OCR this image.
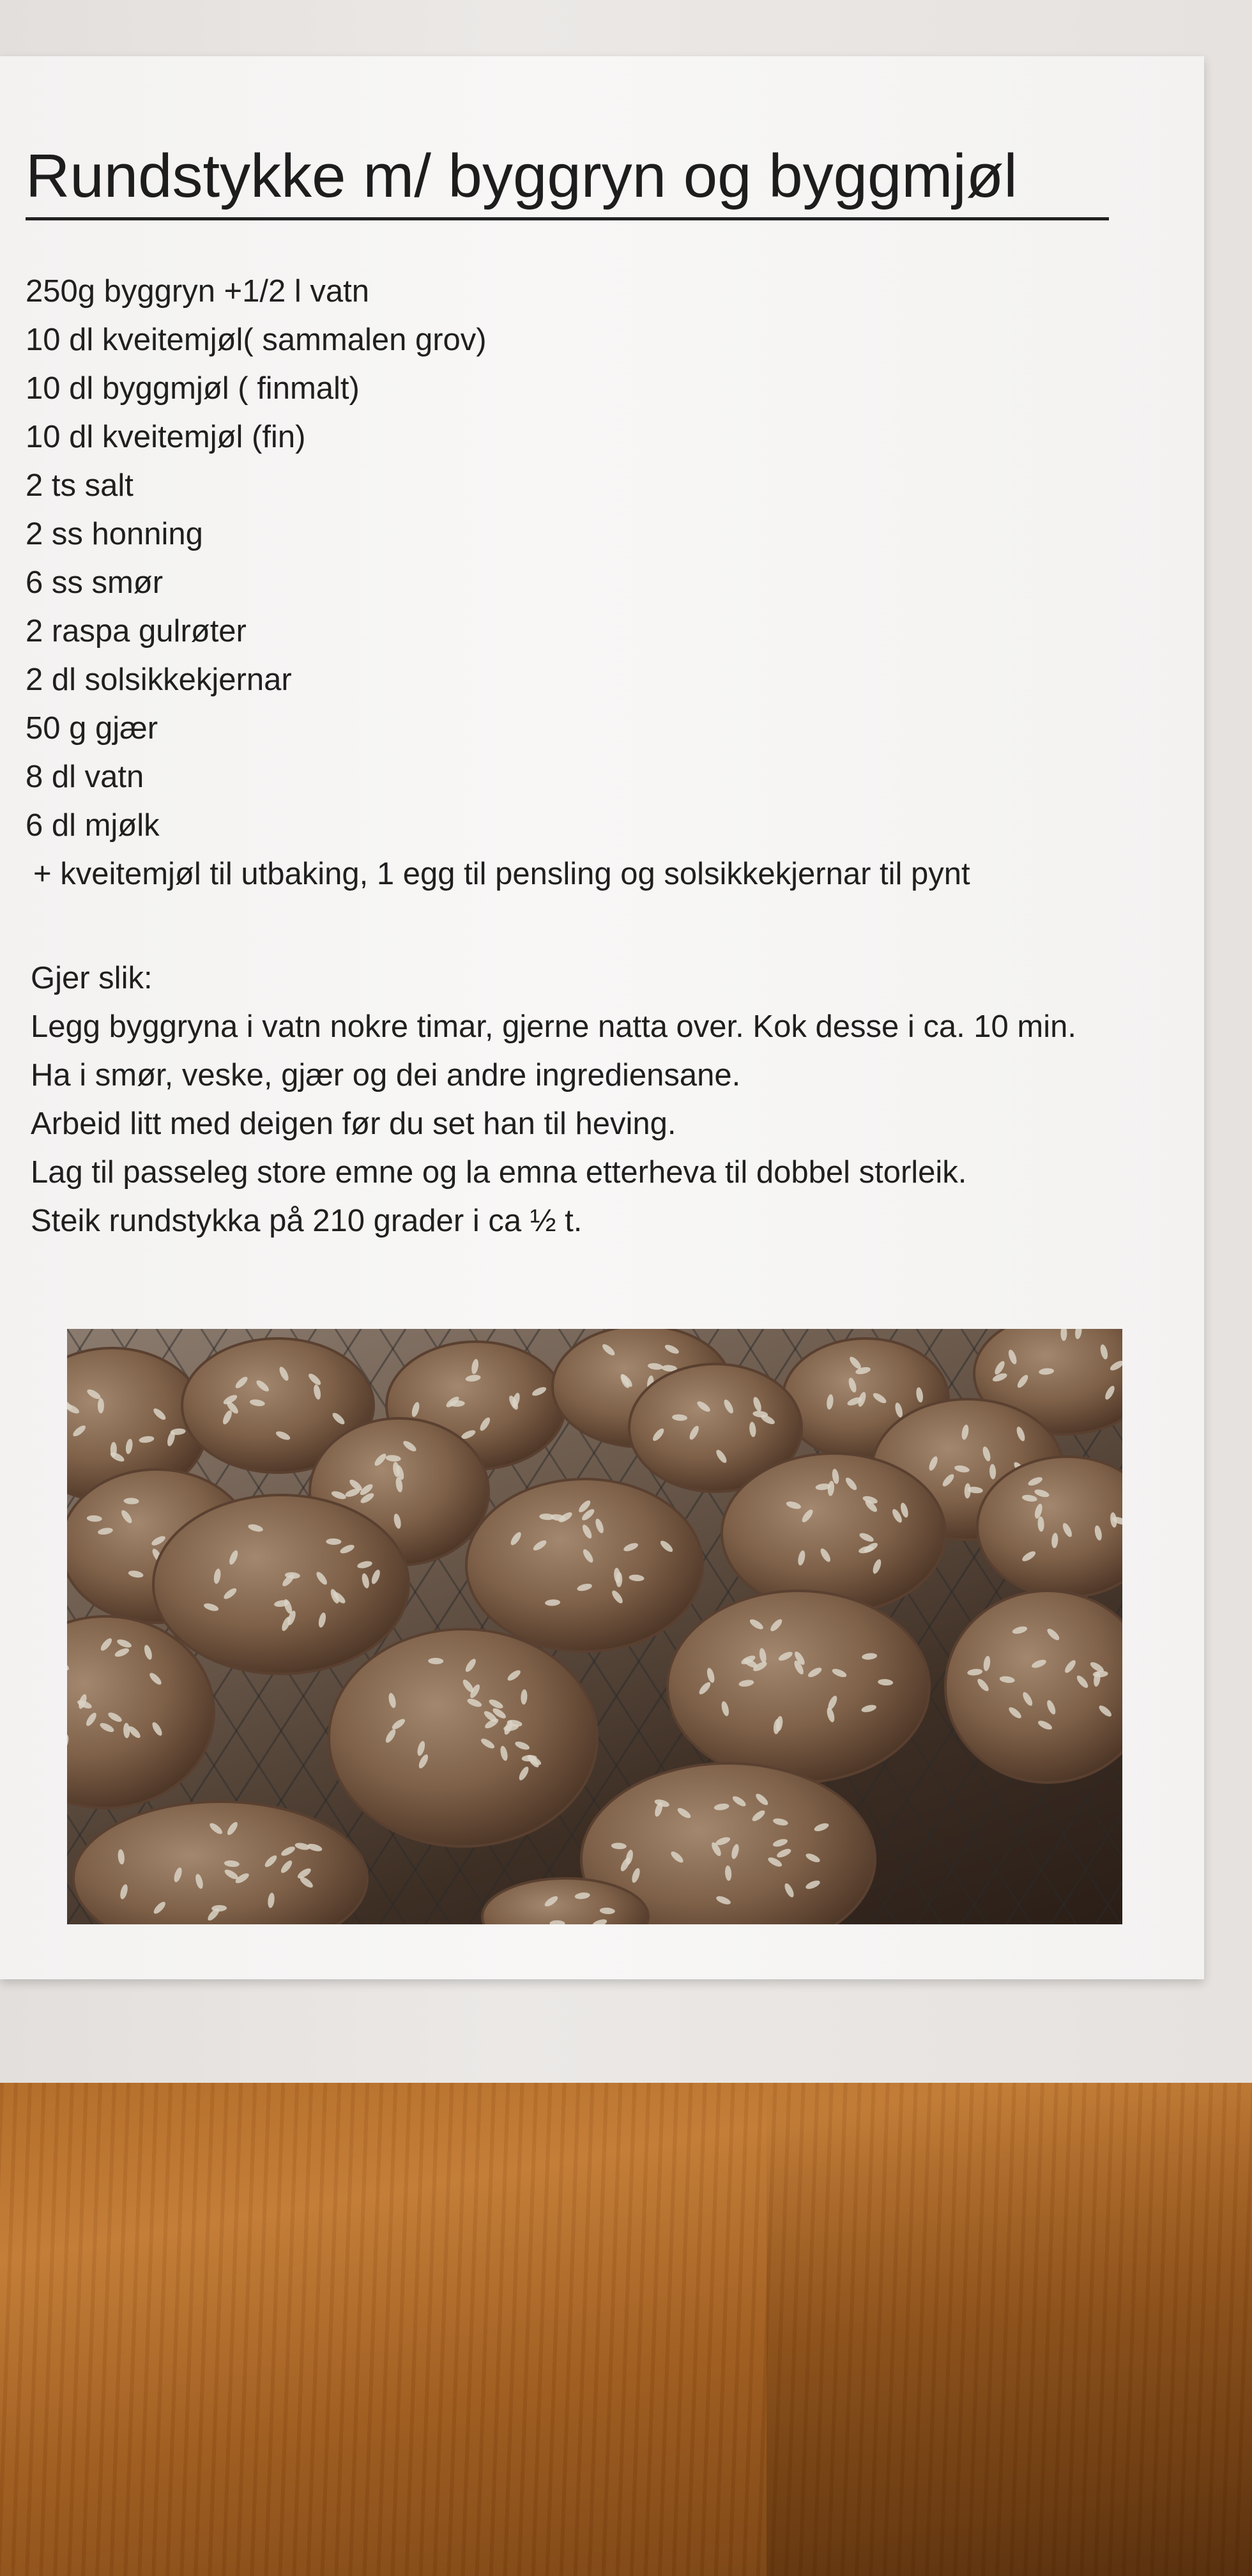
Rundstykke m/ byggryn og byggmjøl
250g byggryn +1/2 l vatn
10 dl kveitemjøl( sammalen grov)
10 dl byggmjøl ( finmalt)
10 dl kveitemjøl (fin)
2 ts salt
2 ss honning
6 ss smør
2 raspa gulrøter
2 dl solsikkekjernar
50 g gjær
8 dl vatn
6 dl mjølk
+ kveitemjøl til utbaking, 1 egg til pensling og solsikkekjernar til pynt

Gjer slik:

Legg byggryna i vatn nokre timar, gjerne natta over. Kok desse i ca. 10 min.

Ha i smør, veske, gjær og dei andre ingrediensane.

Arbeid litt med deigen før du set han til heving.

Lag til passeleg store emne og la emna etterheva til dobbel storleik.

Steik rundstykka på 210 grader i ca ½ t.
